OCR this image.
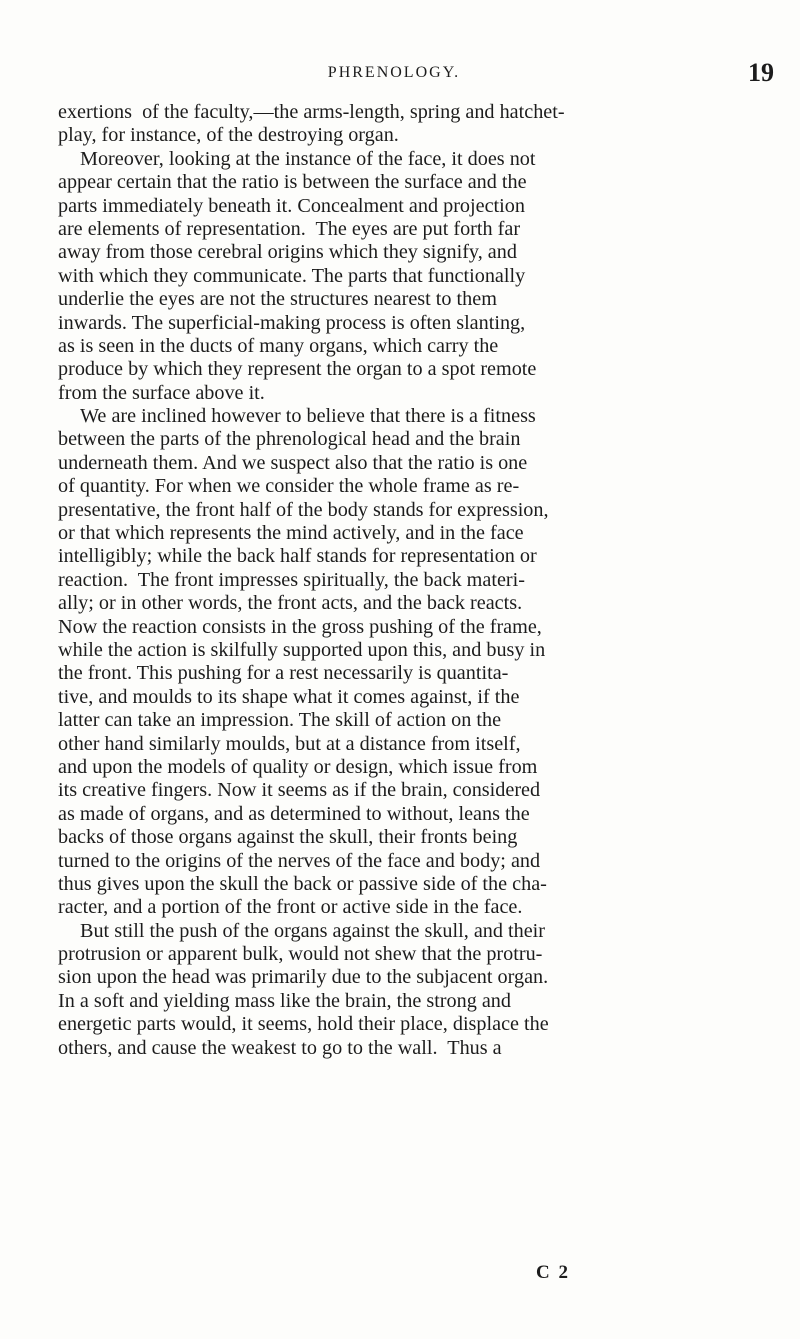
PHRENOLOGY.	19
exertions  of the faculty,—the arms-length, spring and hatchet-
play, for instance, of the destroying organ.
Moreover, looking at the instance of the face, it does not
appear certain that the ratio is between the surface and the
parts immediately beneath it. Concealment and projection
are elements of representation.  The eyes are put forth far
away from those cerebral origins which they signify, and
with which they communicate. The parts that functionally
underlie the eyes are not the structures nearest to them
inwards. The superficial-making process is often slanting,
as is seen in the ducts of many organs, which carry the
produce by which they represent the organ to a spot remote
from the surface above it.
We are inclined however to believe that there is a fitness
between the parts of the phrenological head and the brain
underneath them. And we suspect also that the ratio is one
of quantity. For when we consider the whole frame as re-
presentative, the front half of the body stands for expression,
or that which represents the mind actively, and in the face
intelligibly; while the back half stands for representation or
reaction.  The front impresses spiritually, the back materi-
ally; or in other words, the front acts, and the back reacts.
Now the reaction consists in the gross pushing of the frame,
while the action is skilfully supported upon this, and busy in
the front. This pushing for a rest necessarily is quantita-
tive, and moulds to its shape what it comes against, if the
latter can take an impression. The skill of action on the
other hand similarly moulds, but at a distance from itself,
and upon the models of quality or design, which issue from
its creative fingers. Now it seems as if the brain, considered
as made of organs, and as determined to without, leans the
backs of those organs against the skull, their fronts being
turned to the origins of the nerves of the face and body; and
thus gives upon the skull the back or passive side of the cha-
racter, and a portion of the front or active side in the face.
But still the push of the organs against the skull, and their
protrusion or apparent bulk, would not shew that the protru-
sion upon the head was primarily due to the subjacent organ.
In a soft and yielding mass like the brain, the strong and
energetic parts would, it seems, hold their place, displace the
others, and cause the weakest to go to the wall.  Thus a
C 2
